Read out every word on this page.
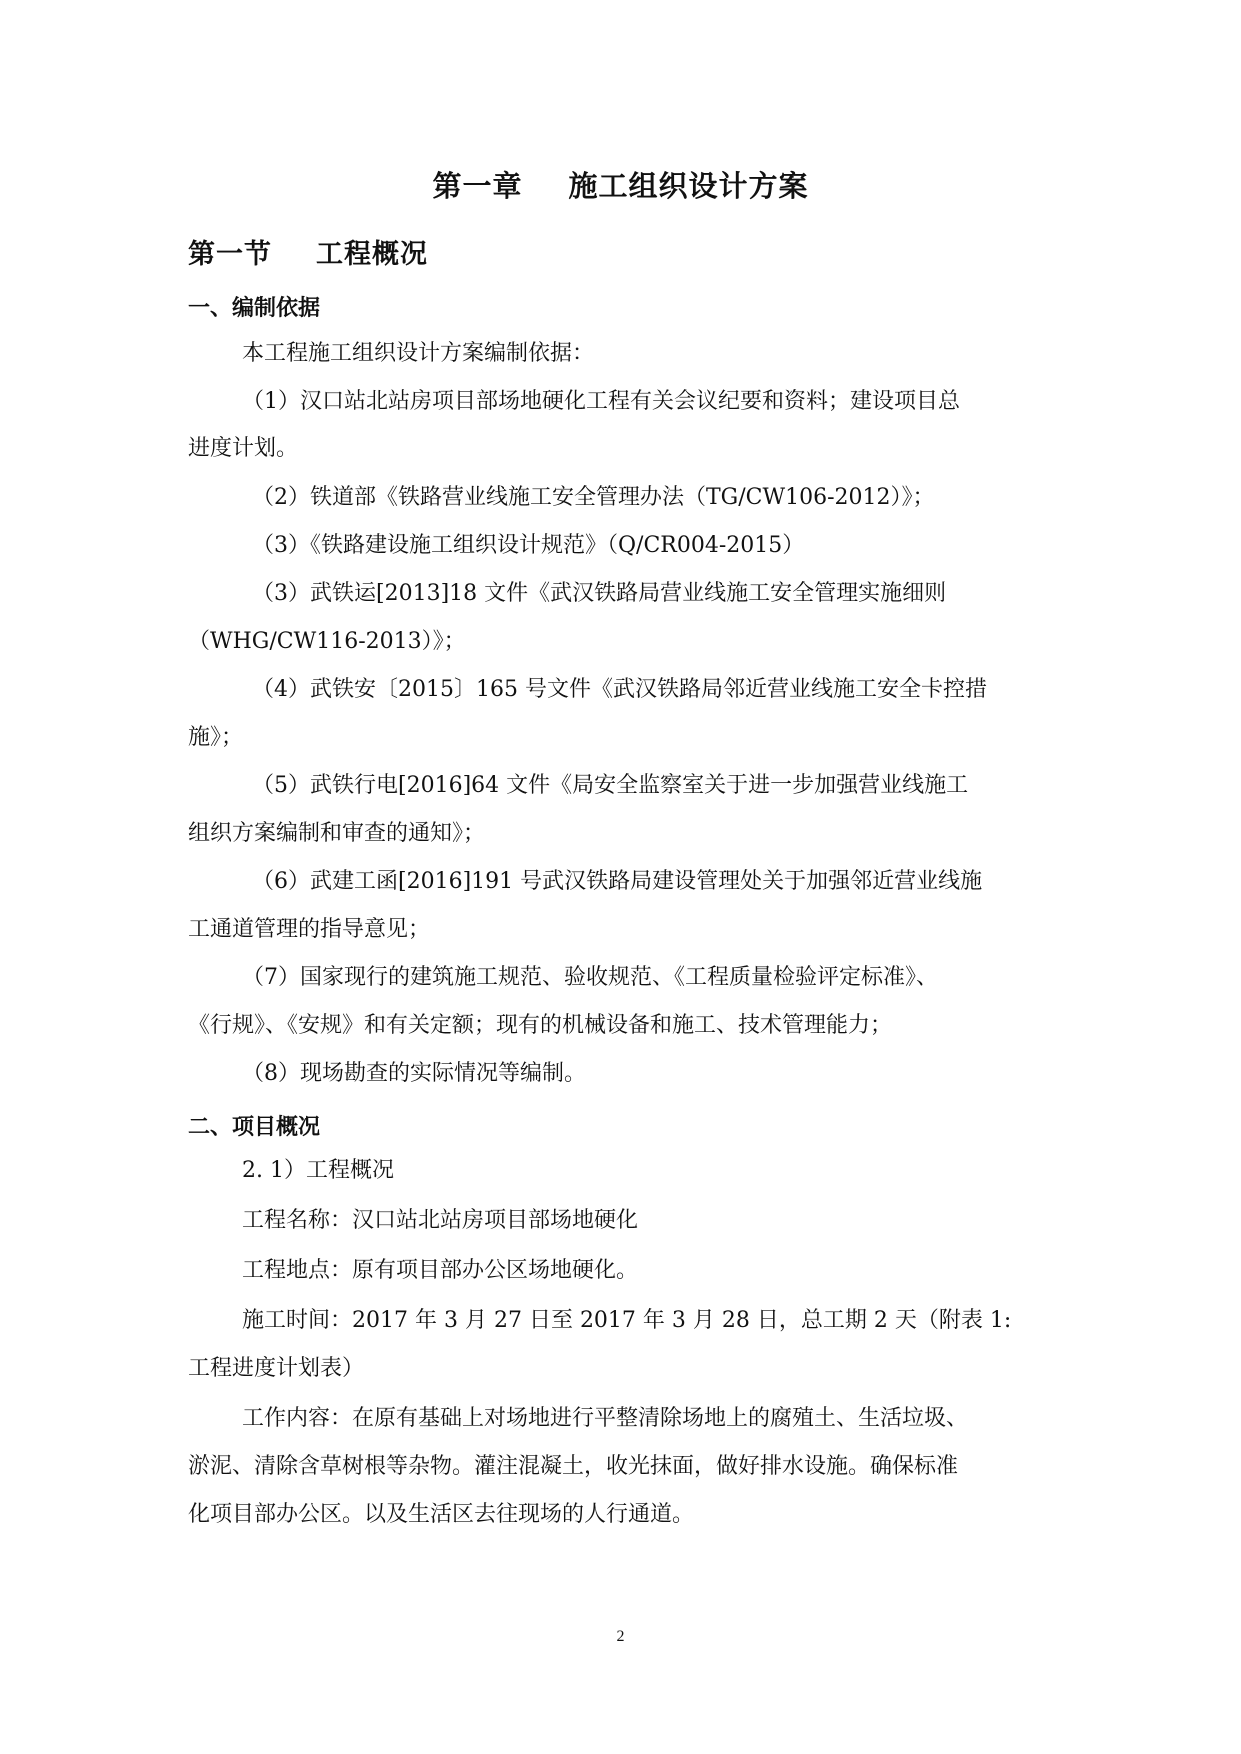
第一章 施工组织设计方案
第一节 工程概况
一、编制依据
本工程施工组织设计方案编制依据：
（1）汉口站北站房项目部场地硬化工程有关会议纪要和资料；建设项目总
进度计划。
（2）铁道部《铁路营业线施工安全管理办法（TG/CW106-2012）》；
（3）《铁路建设施工组织设计规范》（Q/CR004-2015）
（3）武铁运[2013]18 文件《武汉铁路局营业线施工安全管理实施细则
（WHG/CW116-2013）》；
（4）武铁安〔2015〕165 号文件《武汉铁路局邻近营业线施工安全卡控措
施》；
（5）武铁行电[2016]64 文件《局安全监察室关于进一步加强营业线施工
组织方案编制和审查的通知》；
（6）武建工函[2016]191 号武汉铁路局建设管理处关于加强邻近营业线施
工通道管理的指导意见；
（7）国家现行的建筑施工规范、验收规范、《工程质量检验评定标准》、
《行规》、《安规》和有关定额；现有的机械设备和施工、技术管理能力；
（8）现场勘查的实际情况等编制。
二、项目概况
2. 1）工程概况
工程名称：汉口站北站房项目部场地硬化
工程地点：原有项目部办公区场地硬化。
施工时间：2017 年 3 月 27 日至 2017 年 3 月 28 日，总工期 2 天（附表 1:
工程进度计划表）
工作内容：在原有基础上对场地进行平整清除场地上的腐殖土、生活垃圾、
淤泥、清除含草树根等杂物。灌注混凝土，收光抹面，做好排水设施。确保标准
化项目部办公区。以及生活区去往现场的人行通道。
2
